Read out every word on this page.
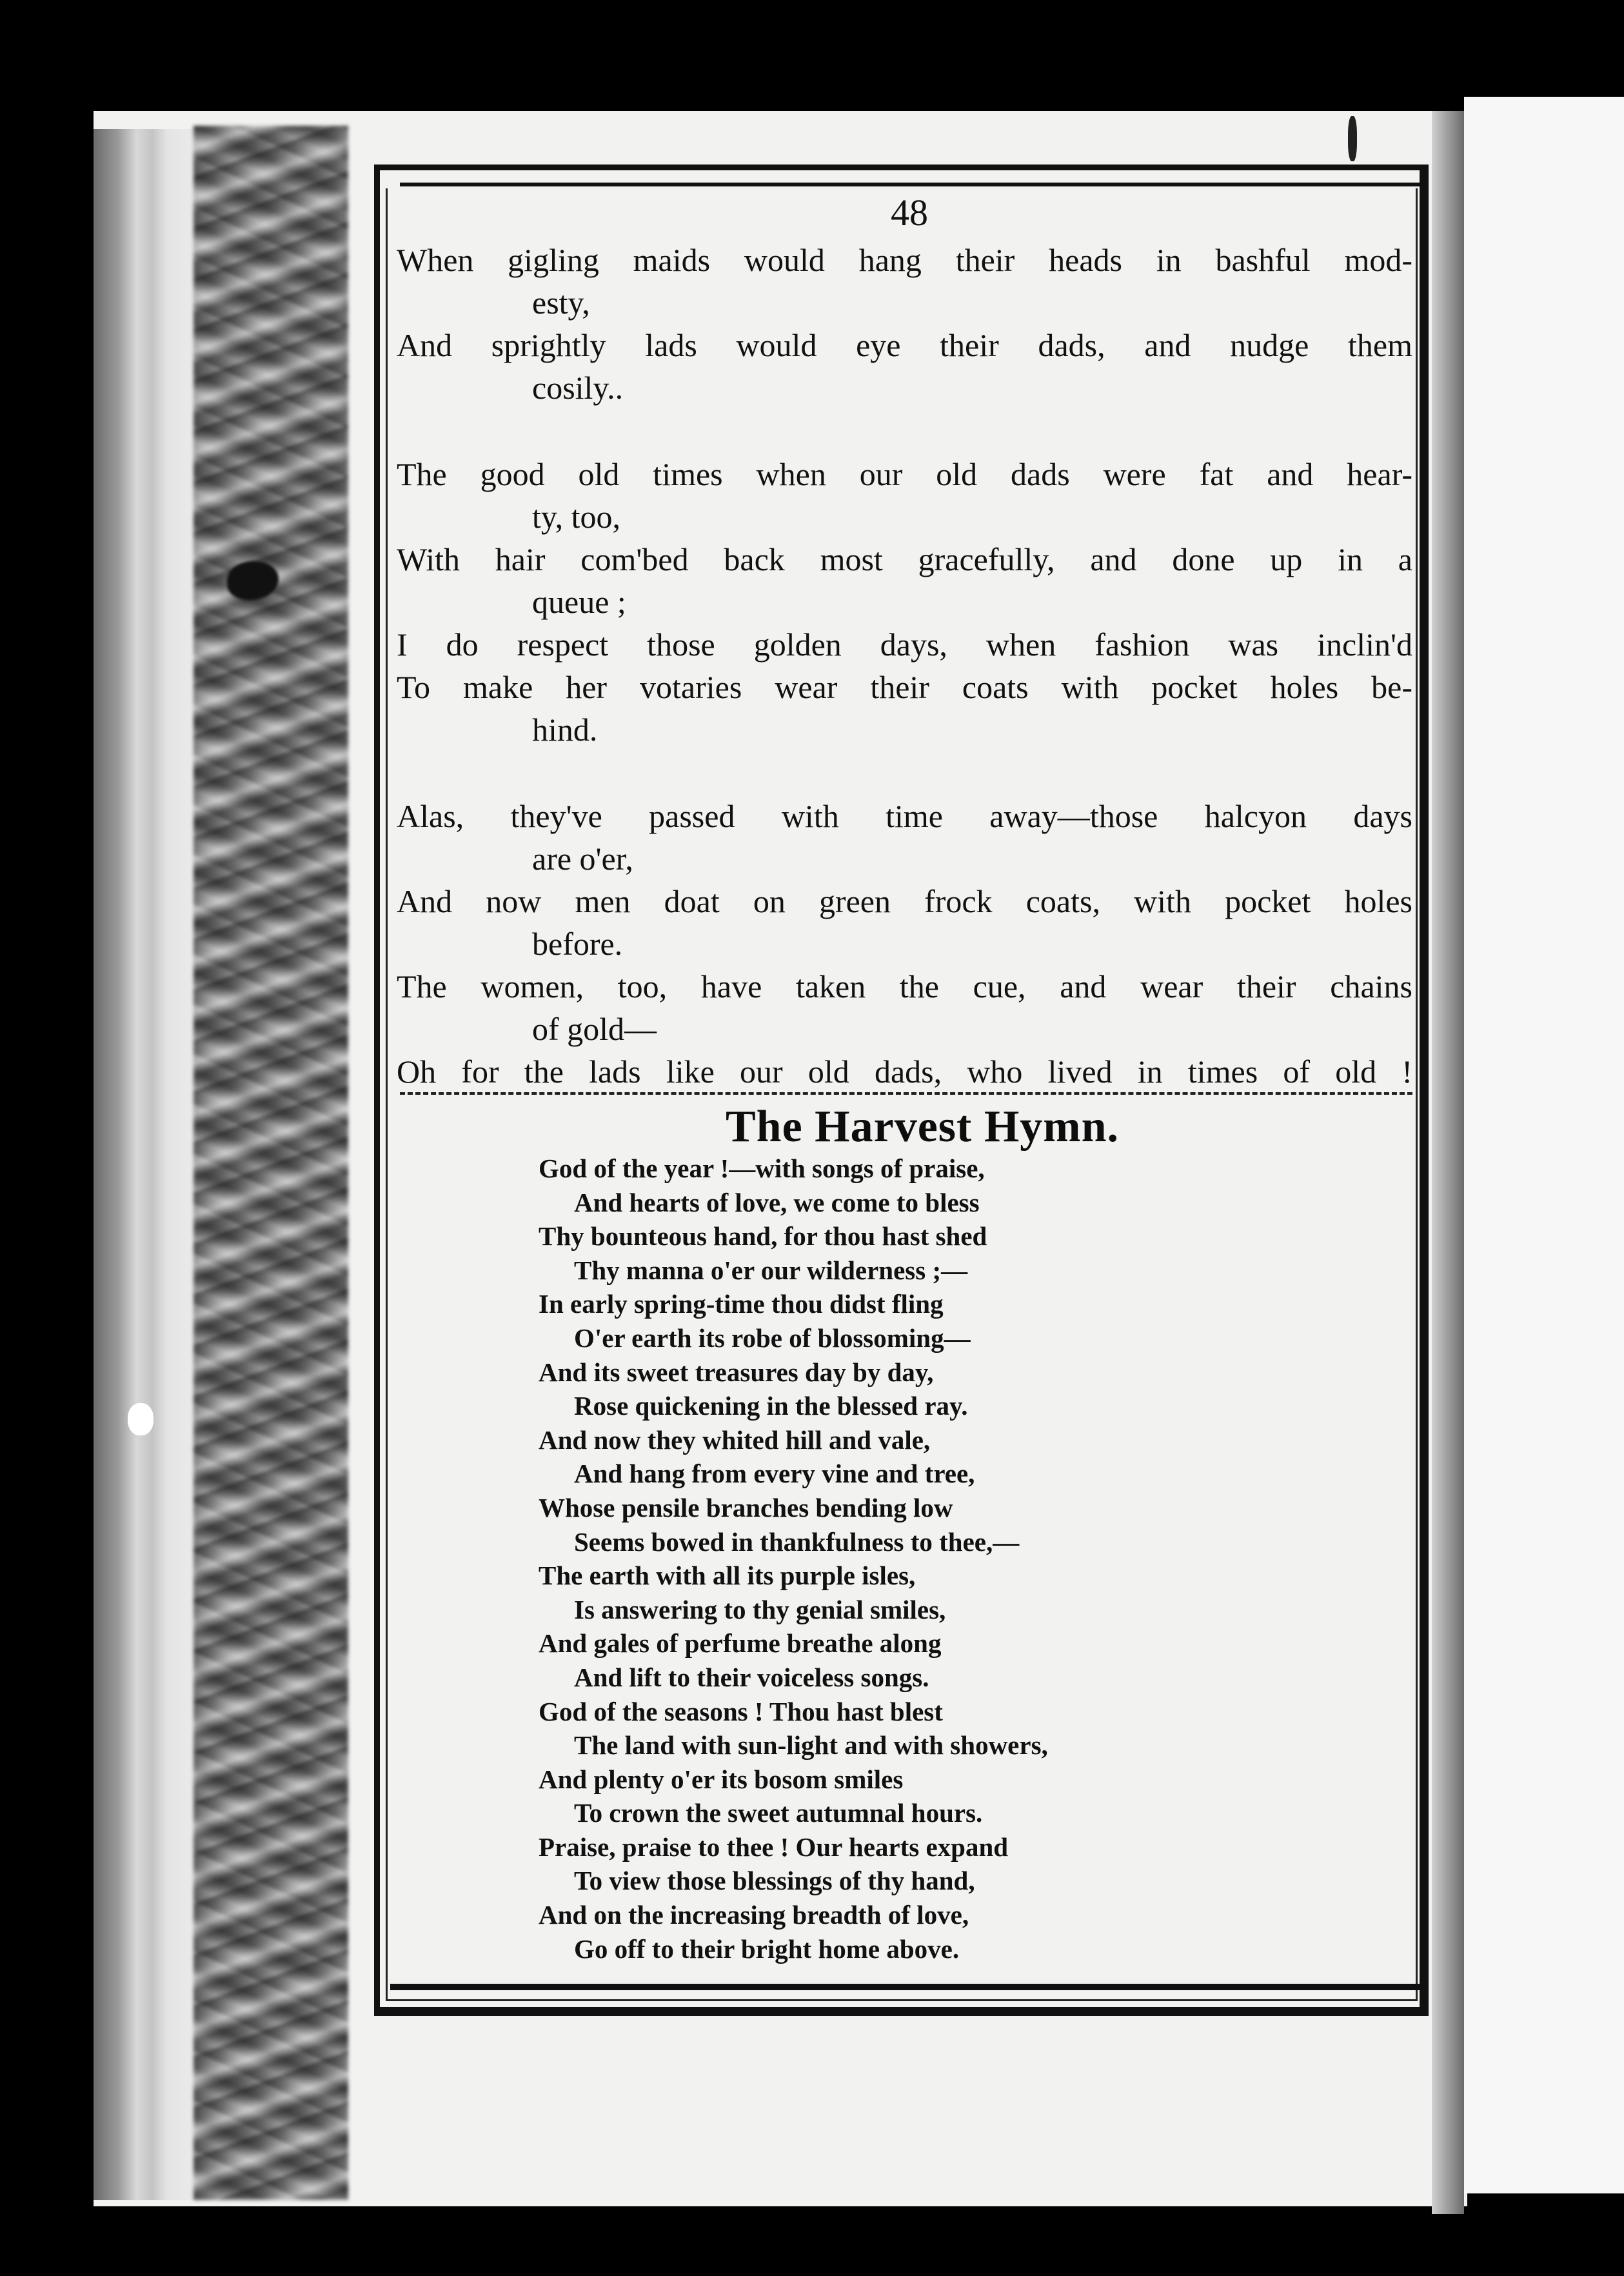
48
When gigling maids would hang their heads in bashful mod-
esty,
And sprightly lads would eye their dads, and nudge them
cosily..
The good old times when our old dads were fat and hear-
ty, too,
With hair com'bed back most gracefully, and done up in a
queue ;
I do respect those golden days, when fashion was inclin'd
To make her votaries wear their coats with pocket holes be-
hind.
Alas, they've passed with time away—those halcyon days
are o'er,
And now men doat on green frock coats, with pocket holes
before.
The women, too, have taken the cue, and wear their chains
of gold—
Oh for the lads like our old dads, who lived in times of old !
The Harvest Hymn.
God of the year !—with songs of praise,
And hearts of love, we come to bless
Thy bounteous hand, for thou hast shed
Thy manna o'er our wilderness ;—
In early spring-time thou didst fling
O'er earth its robe of blossoming—
And its sweet treasures day by day,
Rose quickening in the blessed ray.
And now they whited hill and vale,
And hang from every vine and tree,
Whose pensile branches bending low
Seems bowed in thankfulness to thee,—
The earth with all its purple isles,
Is answering to thy genial smiles,
And gales of perfume breathe along
And lift to their voiceless songs.
God of the seasons ! Thou hast blest
The land with sun-light and with showers,
And plenty o'er its bosom smiles
To crown the sweet autumnal hours.
Praise, praise to thee ! Our hearts expand
To view those blessings of thy hand,
And on the increasing breadth of love,
Go off to their bright home above.
